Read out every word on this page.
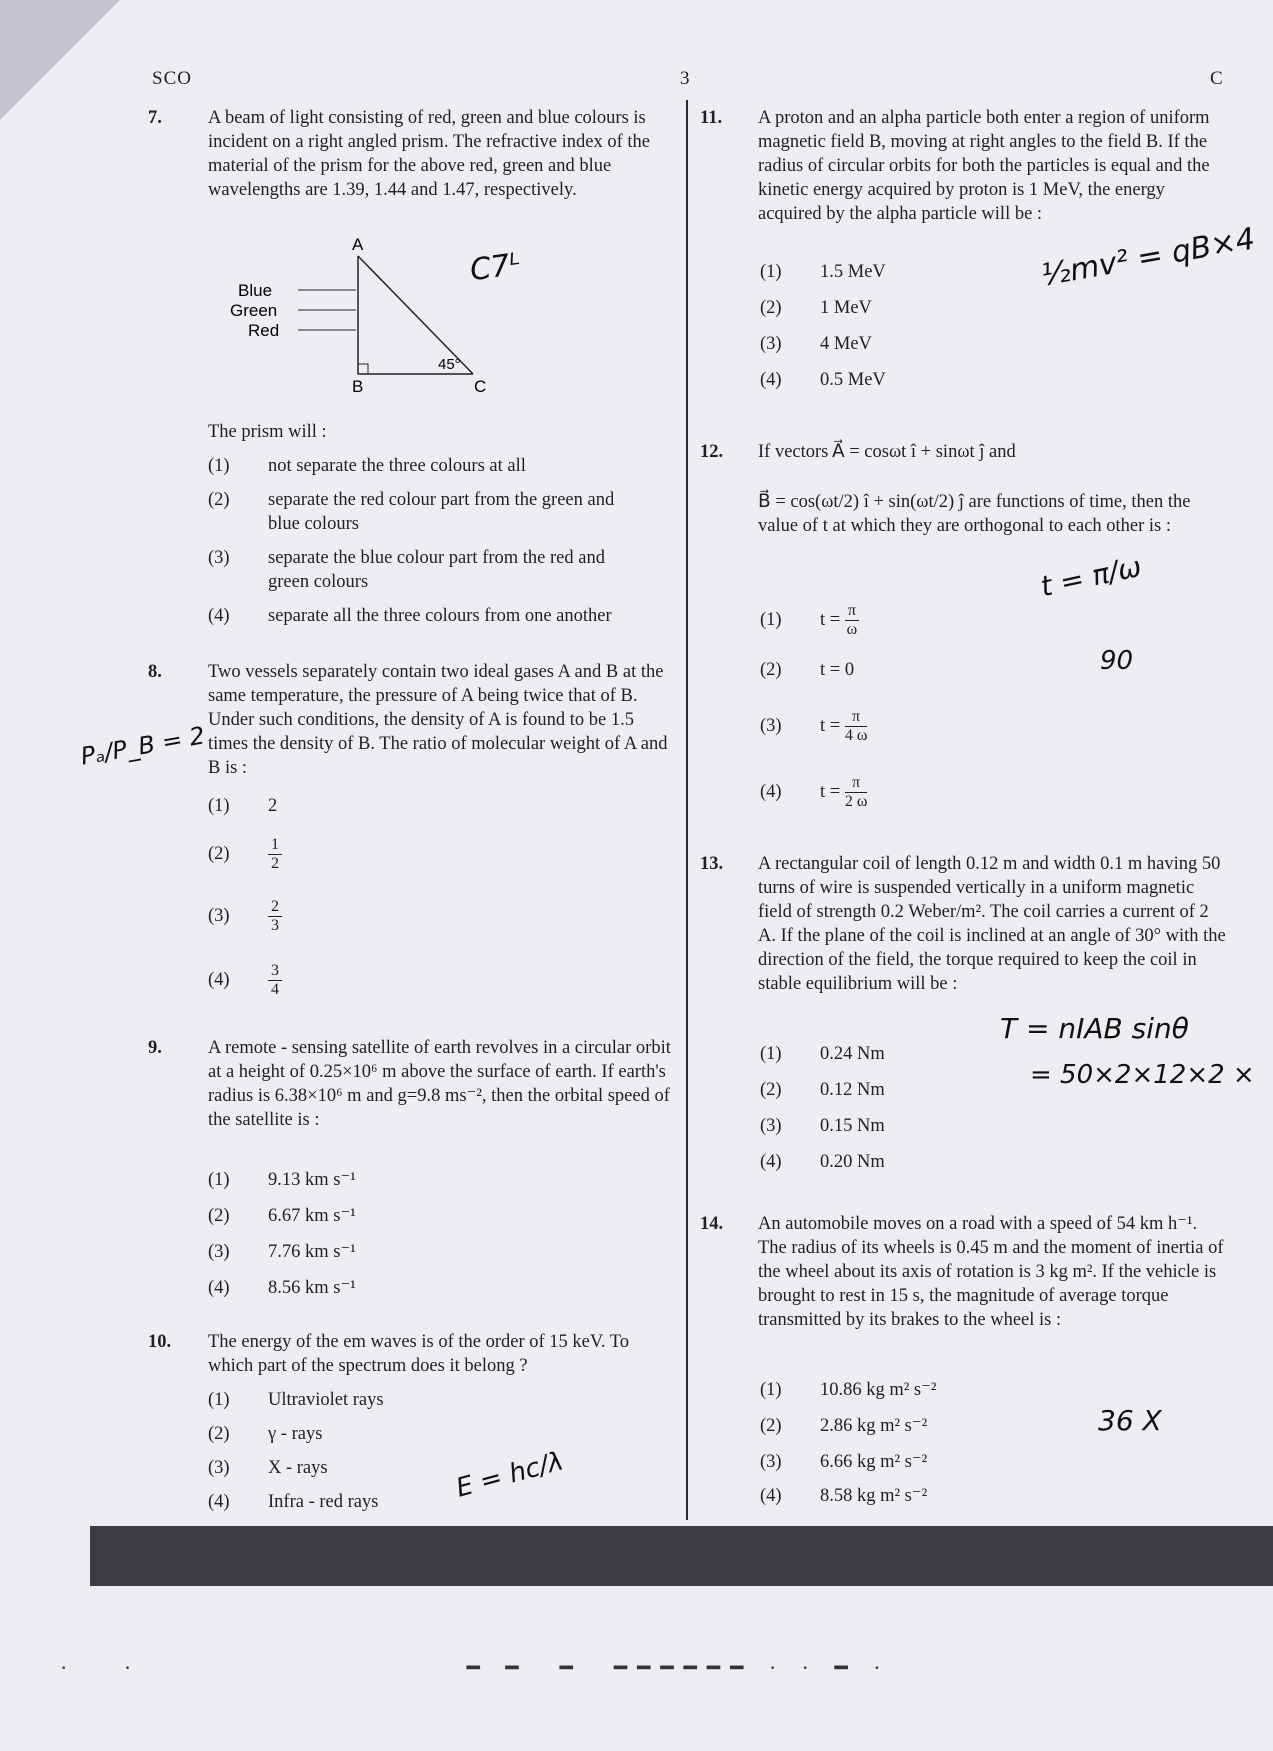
SCO	3	C
7. A beam of light consisting of red, green and blue colours is incident on a right angled prism. The refractive index of the material of the prism for the above red, green and blue wavelengths are 1.39, 1.44 and 1.47, respectively.
Blue
Green
Red
A
B	C
45°
The prism will :
(1) not separate the three colours at all
(2)	separate the red colour part from the green and blue colours
(3)	separate the blue colour part from the red and green colours
(4) separate all the three colours from one another
8. Two vessels separately contain two ideal gases A and B at the same temperature, the pressure of A being twice that of B. Under such conditions, the density of A is found to be 1.5 times the density of B. The ratio of molecular weight of A and B is :
(1) 2
$(2) \frac{1}{2}$
$(3) \frac{2}{3}$
$(4) \frac{3}{4}$
9. A remote - sensing satellite of earth revolves in a circular orbit at a height of 0.25×10⁶ m above the surface of earth. If earth's radius is 6.38×10⁶ m and g=9.8 ms⁻², then the orbital speed of the satellite is :
(1) 9.13 km s⁻¹
(2) 6.67 km s⁻¹
(3) 7.76 km s⁻¹
(4) 8.56 km s⁻¹
10. The energy of the em waves is of the order of 15 keV. To which part of the spectrum does it belong ?
(1) Ultraviolet rays
(2) γ - rays
(3) X - rays
(4) Infra - red rays
11. A proton and an alpha particle both enter a region of uniform magnetic field B, moving at right angles to the field B. If the radius of circular orbits for both the particles is equal and the kinetic energy acquired by proton is 1 MeV, the energy acquired by the alpha particle will be :
(1) 1.5 MeV
(2) 1 MeV
(3) 4 MeV
(4) 0.5 MeV
12. If vectors A⃗ = cosωt î + sinωt ĵ and
B⃗ = cos(ωt/2) î + sin(ωt/2) ĵ are functions of time, then the value of t at which they are orthogonal to each other is :
(1) $t = \frac{\pi}{\omega}$
(2) t = 0
(3) $t = \frac{\pi}{4 \omega}$
(4) $t = \frac{\pi}{2 \omega}$
13. A rectangular coil of length 0.12 m and width 0.1 m having 50 turns of wire is suspended vertically in a uniform magnetic field of strength 0.2 Weber/m². The coil carries a current of 2 A. If the plane of the coil is inclined at an angle of 30° with the direction of the field, the torque required to keep the coil in stable equilibrium will be :
(1) 0.24 Nm
(2) 0.12 Nm
(3) 0.15 Nm
(4) 0.20 Nm
14. An automobile moves on a road with a speed of 54 km h⁻¹. The radius of its wheels is 0.45 m and the moment of inertia of the wheel about its axis of rotation is 3 kg m². If the vehicle is brought to rest in 15 s, the magnitude of average torque transmitted by its brakes to the wheel is :
(1) 10.86 kg m² s⁻²
(2) 2.86 kg m² s⁻²
(3) 6.66 kg m² s⁻²
(4) 8.58 kg m² s⁻²
C7ᴸ	½mv² = qB×4
t = π/ω
90
T = nIAB sinθ
= 50×2×12×2 ×
E = hc/λ
36 X
Pₐ/P_B = 2
·   ·                     ━ ━  ━  ━━━━━━ · · ━ ·
